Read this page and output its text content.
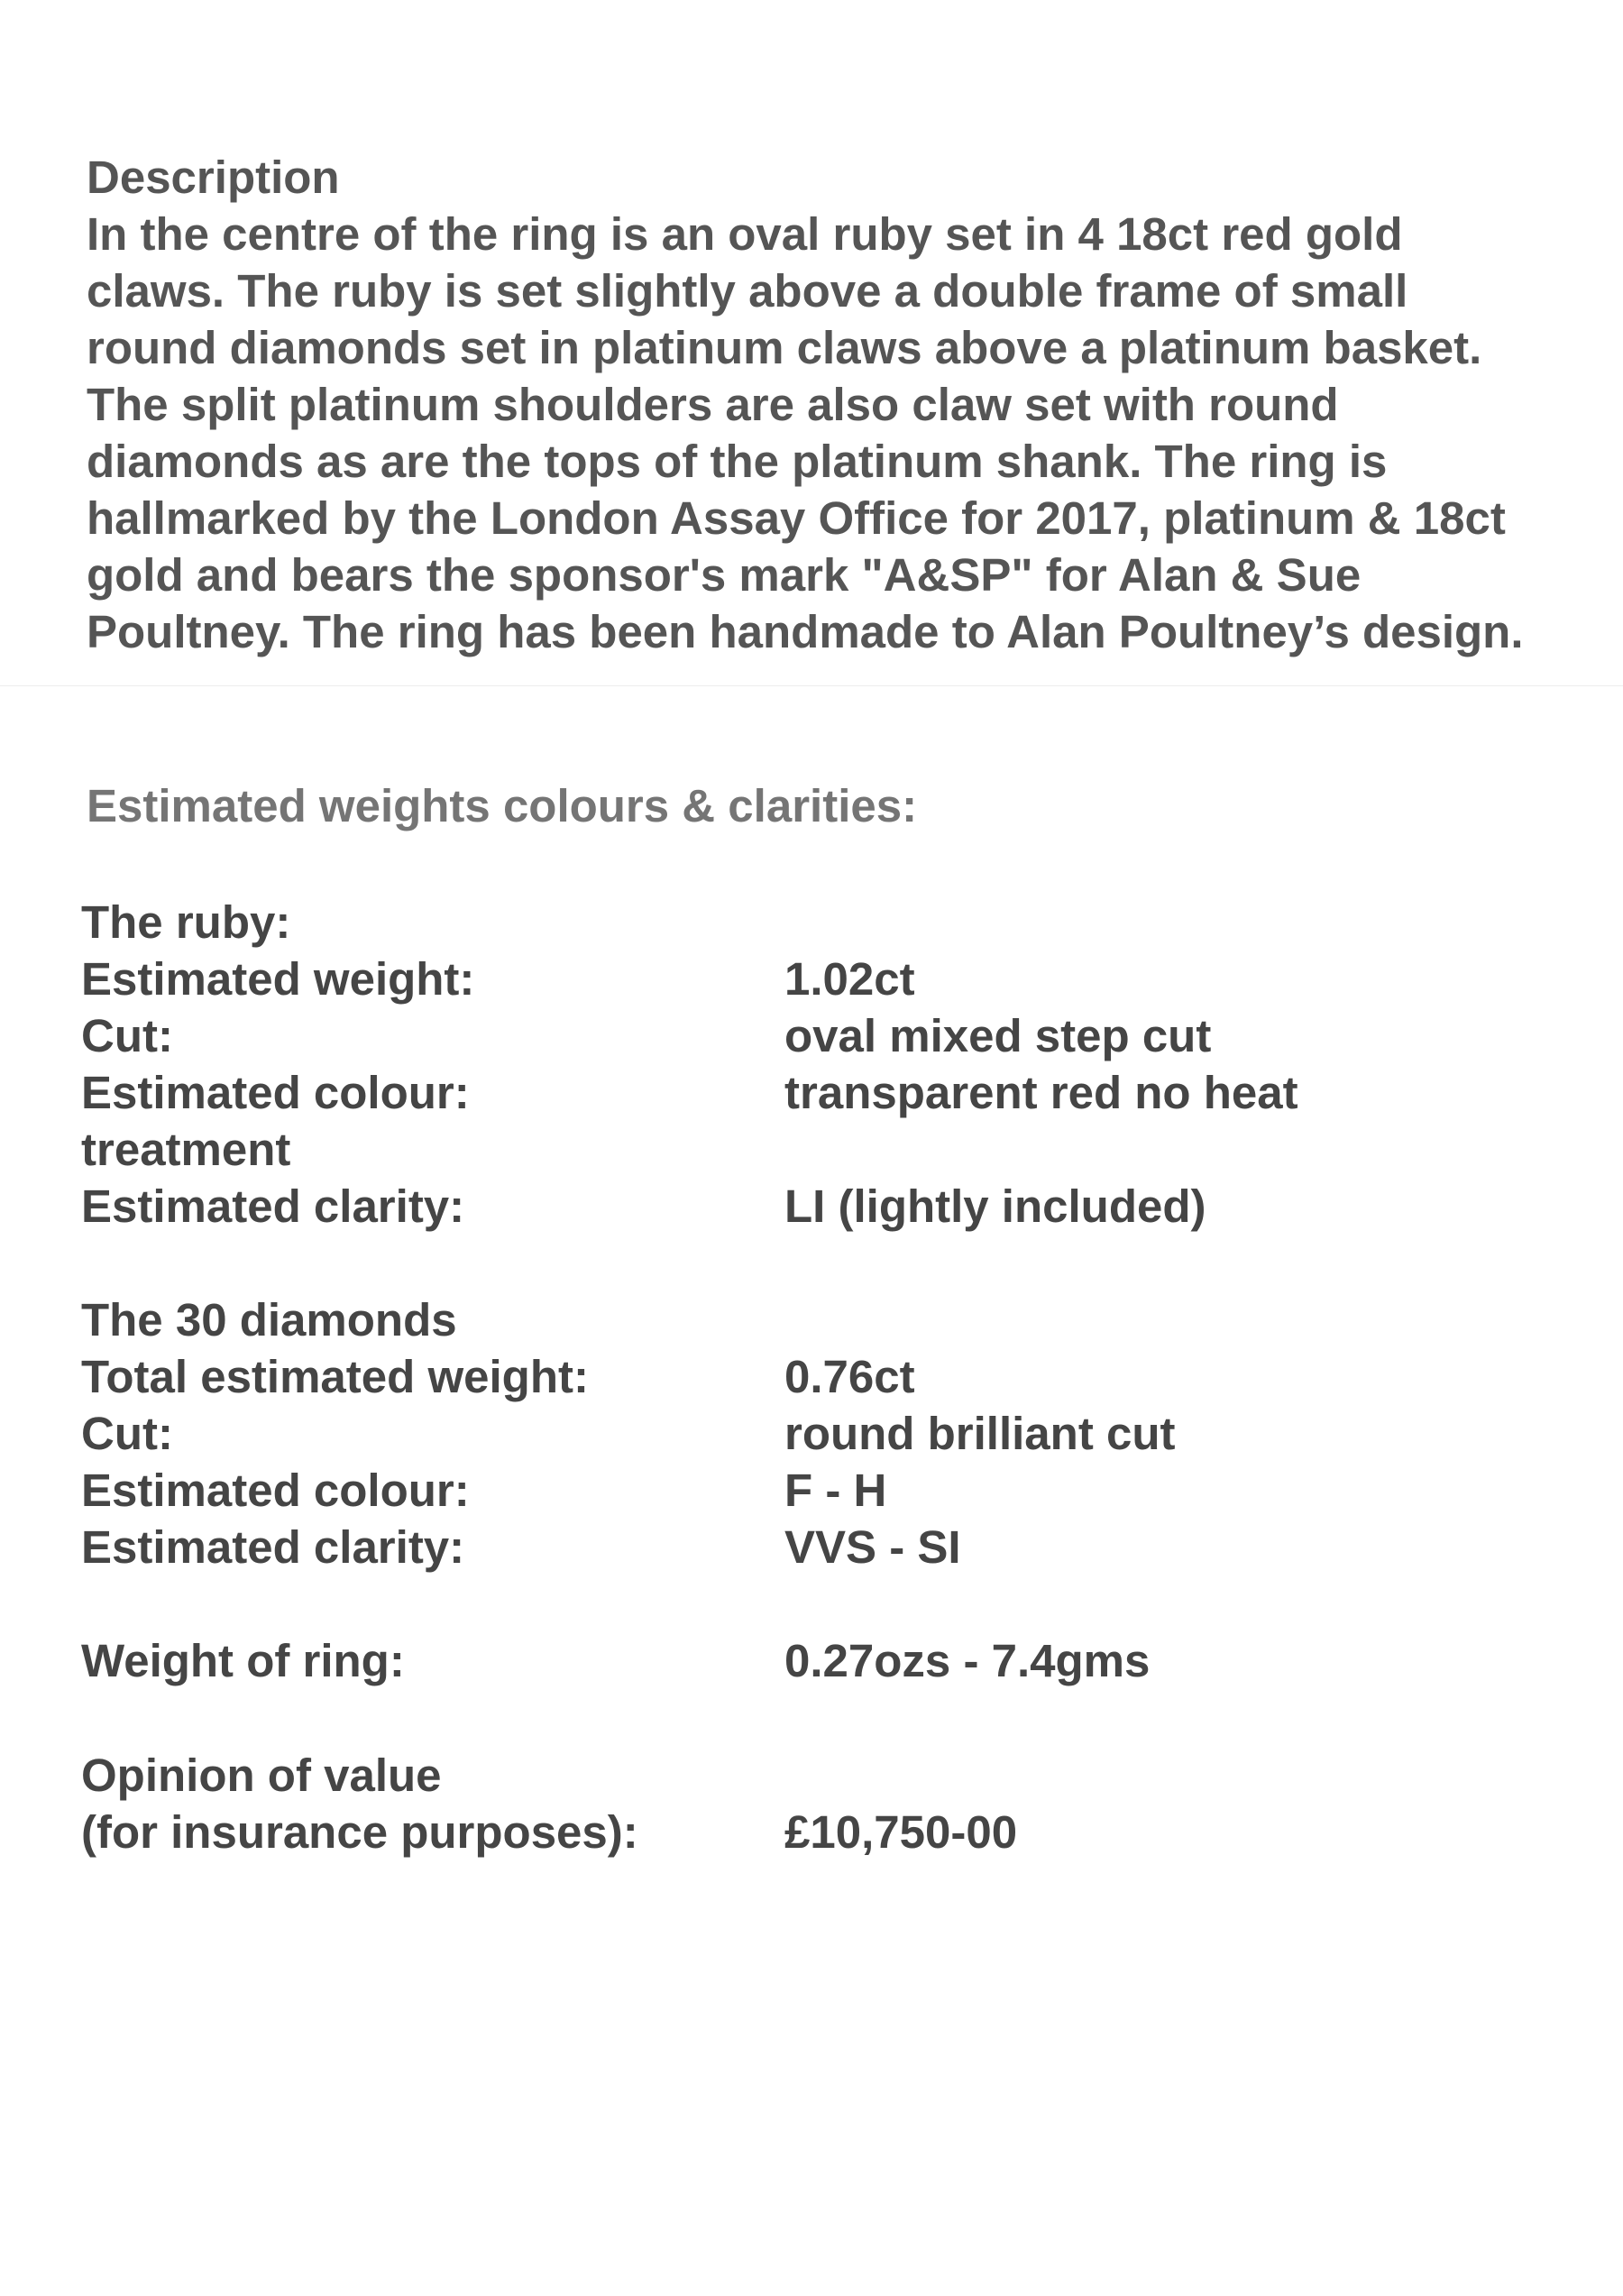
Description
In the centre of the ring is an oval ruby set in 4 18ct red gold claws. The ruby is set slightly above a double frame of small round diamonds set in platinum claws above a platinum basket. The split platinum shoulders are also claw set with round diamonds as are the tops of the platinum shank. The ring is hallmarked by the London Assay Office for 2017, platinum & 18ct gold and bears the sponsor's mark "A&SP" for Alan & Sue Poultney. The ring has been handmade to Alan Poultney’s design.
Estimated weights colours & clarities:
The ruby:
Estimated weight:	1.02ct
Cut:	oval mixed step cut
Estimated colour:	transparent red no heat
treatment
Estimated clarity:	LI (lightly included)
The 30 diamonds
Total estimated weight:	0.76ct
Cut:	round brilliant cut
Estimated colour:	F - H
Estimated clarity:	VVS - SI
Weight of ring:	0.27ozs - 7.4gms
Opinion of value
(for insurance purposes):	£10,750-00
